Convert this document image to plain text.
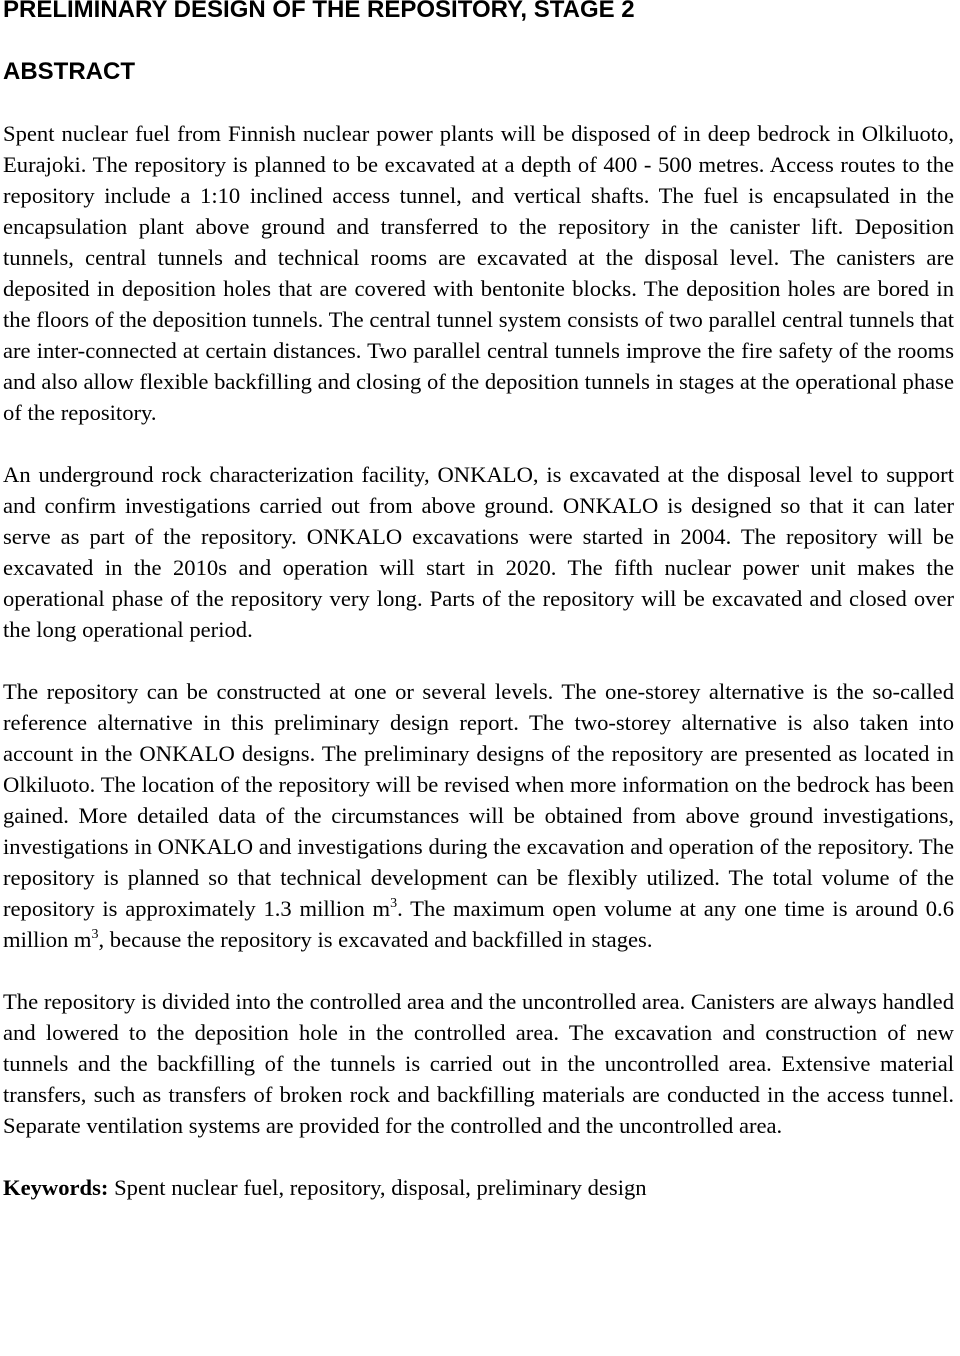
PRELIMINARY DESIGN OF THE REPOSITORY, STAGE 2
ABSTRACT

Spent nuclear fuel from Finnish nuclear power plants will be disposed of in deep bedrock in Olkiluoto, Eurajoki. The repository is planned to be excavated at a depth of 400 - 500 metres. Access routes to the repository include a 1:10 inclined access tunnel, and vertical shafts. The fuel is encapsulated in the encapsulation plant above ground and transferred to the repository in the canister lift. Deposition tunnels, central tunnels and technical rooms are excavated at the disposal level. The canisters are deposited in deposition holes that are covered with bentonite blocks. The deposition holes are bored in the floors of the deposition tunnels. The central tunnel system consists of two parallel central tunnels that are inter-connected at certain distances. Two parallel central tunnels improve the fire safety of the rooms and also allow flexible backfilling and closing of the deposition tunnels in stages at the operational phase of the repository.

An underground rock characterization facility, ONKALO, is excavated at the disposal level to support and confirm investigations carried out from above ground. ONKALO is designed so that it can later serve as part of the repository. ONKALO excavations were started in 2004. The repository will be excavated in the 2010s and operation will start in 2020. The fifth nuclear power unit makes the operational phase of the repository very long. Parts of the repository will be excavated and closed over the long operational period.

The repository can be constructed at one or several levels. The one-storey alternative is the so-called reference alternative in this preliminary design report. The two-storey alternative is also taken into account in the ONKALO designs. The preliminary designs of the repository are presented as located in Olkiluoto. The location of the repository will be revised when more information on the bedrock has been gained. More detailed data of the circumstances will be obtained from above ground investigations, investigations in ONKALO and investigations during the excavation and operation of the repository. The repository is planned so that technical development can be flexibly utilized. The total volume of the repository is approximately 1.3 million $m^3$. The maximum open volume at any one time is around 0.6 million $m^3$, because the repository is excavated and backfilled in stages.

The repository is divided into the controlled area and the uncontrolled area. Canisters are always handled and lowered to the deposition hole in the controlled area. The excavation and construction of new tunnels and the backfilling of the tunnels is carried out in the uncontrolled area. Extensive material transfers, such as transfers of broken rock and backfilling materials are conducted in the access tunnel. Separate ventilation systems are provided for the controlled and the uncontrolled area.

Keywords: Spent nuclear fuel, repository, disposal, preliminary design
